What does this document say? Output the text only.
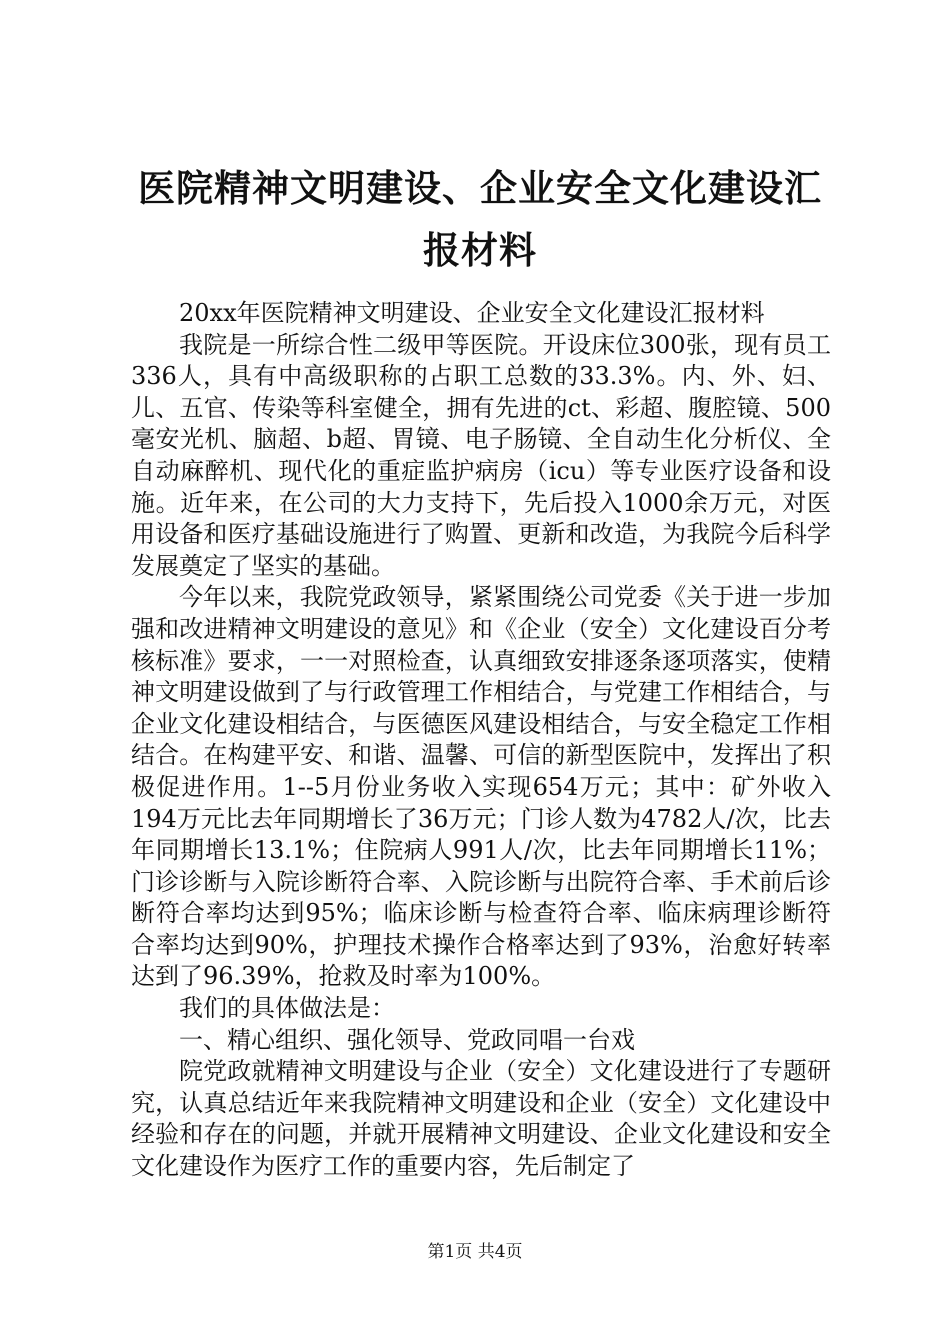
医院精神文明建设、企业安全文化建设汇报材料

20xx年医院精神文明建设、企业安全文化建设汇报材料

我院是一所综合性二级甲等医院。开设床位300张，现有员工336人，具有中高级职称的占职工总数的33.3%。内、外、妇、儿、五官、传染等科室健全，拥有先进的ct、彩超、腹腔镜、500毫安光机、脑超、b超、胃镜、电子肠镜、全自动生化分析仪、全自动麻醉机、现代化的重症监护病房（icu）等专业医疗设备和设施。近年来，在公司的大力支持下，先后投入1000余万元，对医用设备和医疗基础设施进行了购置、更新和改造，为我院今后科学发展奠定了坚实的基础。

今年以来，我院党政领导，紧紧围绕公司党委《关于进一步加强和改进精神文明建设的意见》和《企业（安全）文化建设百分考核标准》要求，一一对照检查，认真细致安排逐条逐项落实，使精神文明建设做到了与行政管理工作相结合，与党建工作相结合，与企业文化建设相结合，与医德医风建设相结合，与安全稳定工作相结合。在构建平安、和谐、温馨、可信的新型医院中，发挥出了积极促进作用。1--5月份业务收入实现654万元；其中：矿外收入194万元比去年同期增长了36万元；门诊人数为4782人/次，比去年同期增长13.1%；住院病人991人/次，比去年同期增长11%；门诊诊断与入院诊断符合率、入院诊断与出院符合率、手术前后诊断符合率均达到95%；临床诊断与检查符合率、临床病理诊断符合率均达到90%，护理技术操作合格率达到了93%，治愈好转率达到了96.39%，抢救及时率为100%。

我们的具体做法是：

一、精心组织、强化领导、党政同唱一台戏

院党政就精神文明建设与企业（安全）文化建设进行了专题研究，认真总结近年来我院精神文明建设和企业（安全）文化建设中经验和存在的问题，并就开展精神文明建设、企业文化建设和安全文化建设作为医疗工作的重要内容，先后制定了

第1页 共4页
